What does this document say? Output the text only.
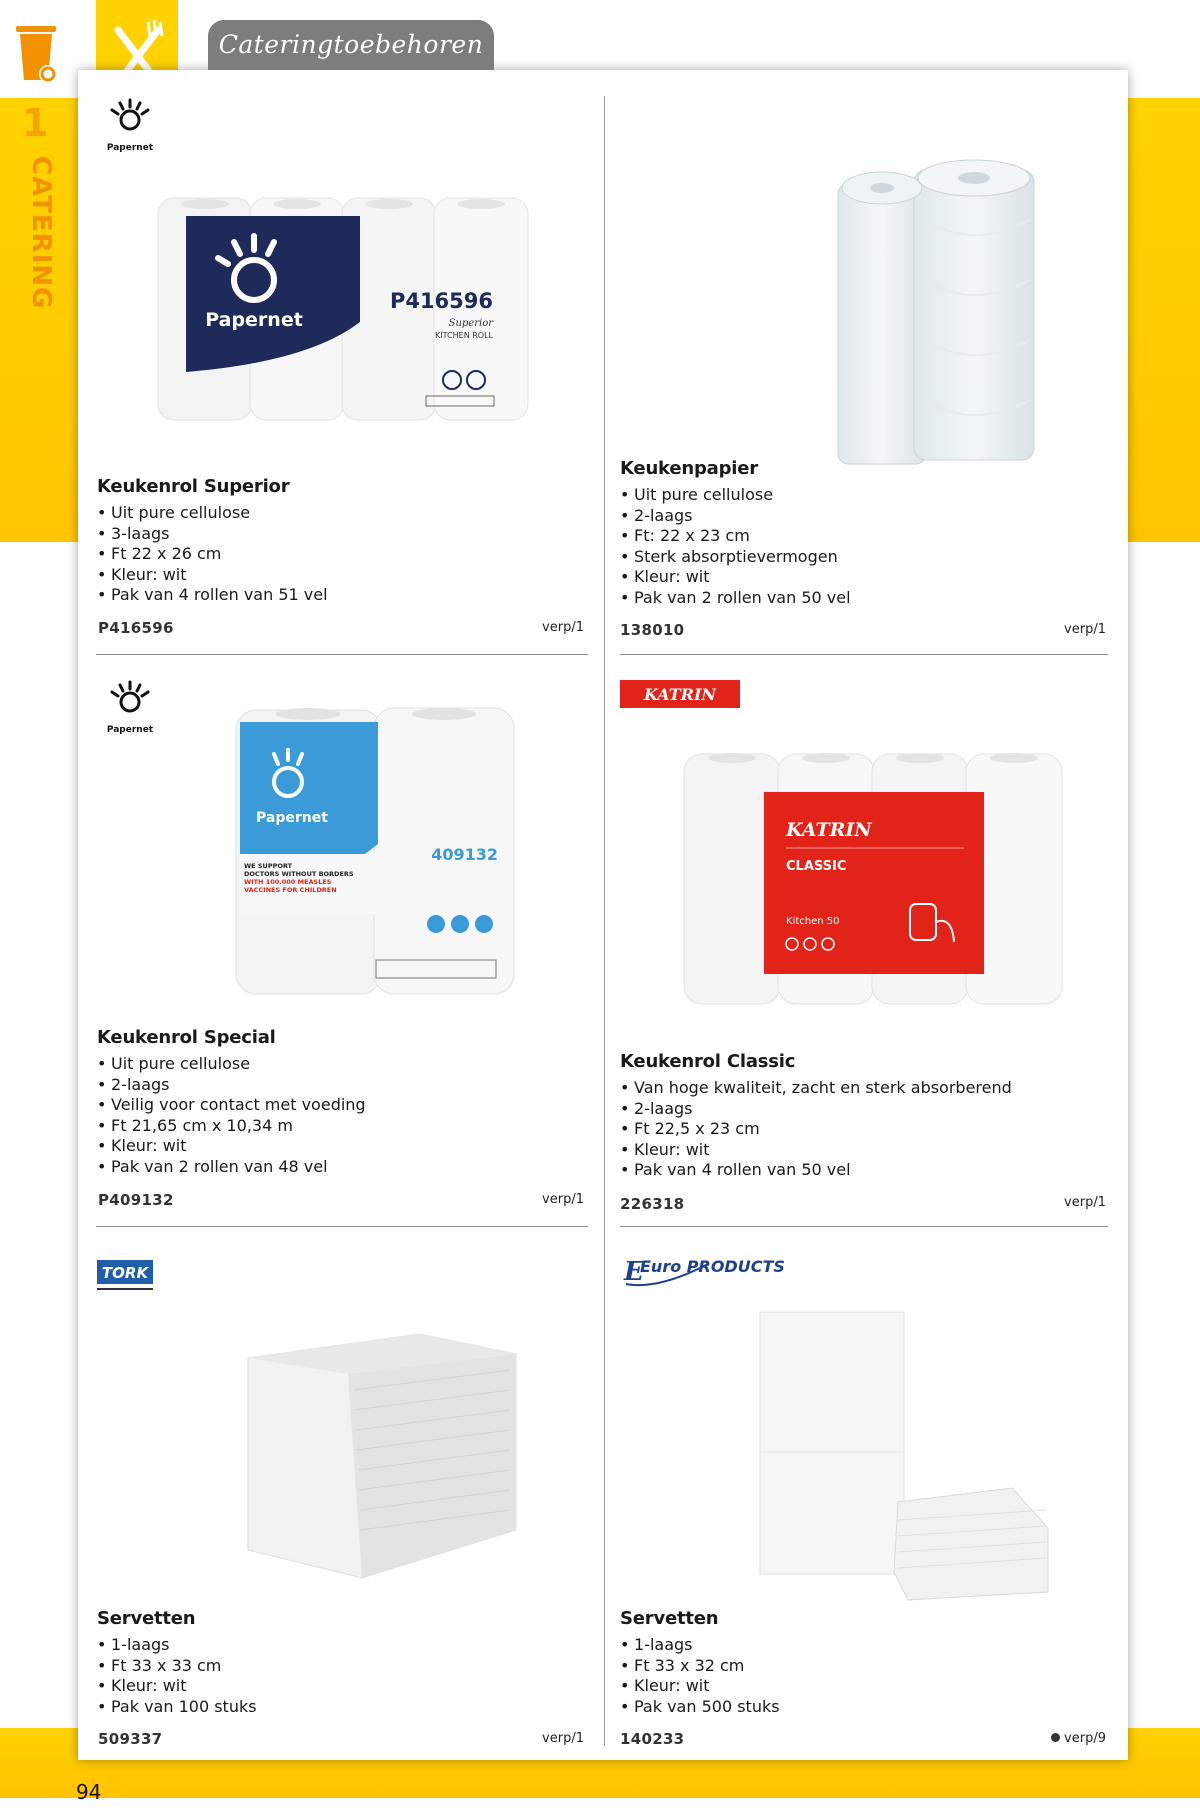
1
CATERING
Cateringtoebehoren
Papernet
Papernet
P416596
Superior
KITCHEN ROLL
Keukenrol Superior
• Uit pure cellulose
• 3-laags
• Ft 22 x 26 cm
• Kleur: wit
• Pak van 4 rollen van 51 vel
P416596	verp/1
Keukenpapier
• Uit pure cellulose
• 2-laags
• Ft: 22 x 23 cm
• Sterk absorptievermogen
• Kleur: wit
• Pak van 2 rollen van 50 vel
138010	verp/1
Papernet
Papernet
WE SUPPORT
DOCTORS WITHOUT BORDERS
WITH 100.000 MEASLES
VACCINES FOR CHILDREN
409132
Keukenrol Special
• Uit pure cellulose
• 2-laags
• Veilig voor contact met voeding
• Ft 21,65 cm x 10,34 m
• Kleur: wit
• Pak van 2 rollen van 48 vel
P409132	verp/1
KATRIN
KATRIN
CLASSIC
Kitchen 50
Keukenrol Classic
• Van hoge kwaliteit, zacht en sterk absorberend
• 2-laags
• Ft 22,5 x 23 cm
• Kleur: wit
• Pak van 4 rollen van 50 vel
226318	verp/1
TORK
Servetten
• 1-laags
• Ft 33 x 33 cm
• Kleur: wit
• Pak van 100 stuks
509337	verp/1
E
Euro PRODUCTS
Servetten
• 1-laags
• Ft 33 x 32 cm
• Kleur: wit
• Pak van 500 stuks
140233	verp/9
94
